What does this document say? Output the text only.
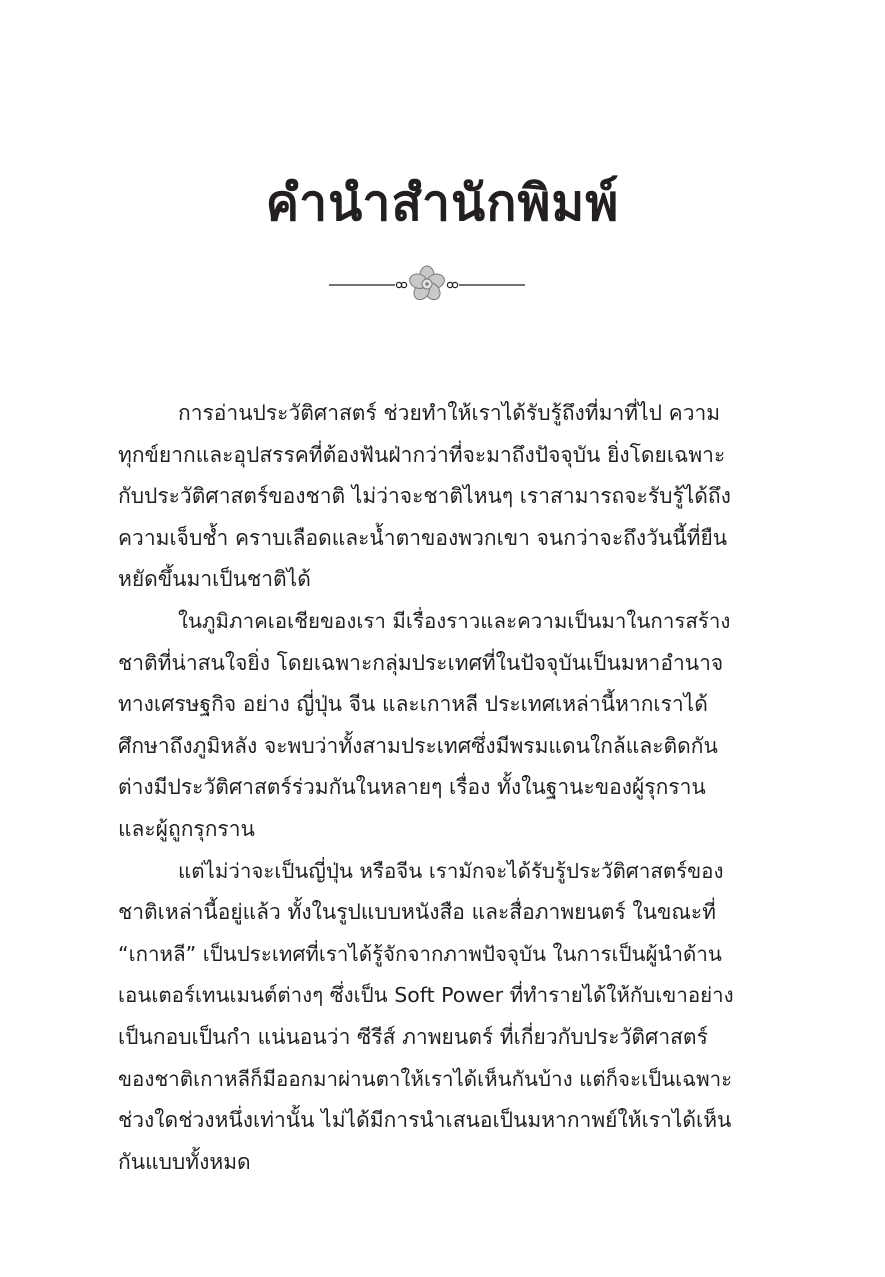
คำนำสำนักพิมพ์

การอ่านประวัติศาสตร์ ช่วยทำให้เราได้รับรู้ถึงที่มาที่ไป ความ
ทุกข์ยากและอุปสรรคที่ต้องฟันฝ่ากว่าที่จะมาถึงปัจจุบัน ยิ่งโดยเฉพาะ
กับประวัติศาสตร์ของชาติ ไม่ว่าจะชาติไหนๆ เราสามารถจะรับรู้ได้ถึง
ความเจ็บช้ำ คราบเลือดและน้ำตาของพวกเขา จนกว่าจะถึงวันนี้ที่ยืน
หยัดขึ้นมาเป็นชาติได้

ในภูมิภาคเอเชียของเรา มีเรื่องราวและความเป็นมาในการสร้าง
ชาติที่น่าสนใจยิ่ง โดยเฉพาะกลุ่มประเทศที่ในปัจจุบันเป็นมหาอำนาจ
ทางเศรษฐกิจ อย่าง ญี่ปุ่น จีน และเกาหลี ประเทศเหล่านี้หากเราได้
ศึกษาถึงภูมิหลัง จะพบว่าทั้งสามประเทศซึ่งมีพรมแดนใกล้และติดกัน
ต่างมีประวัติศาสตร์ร่วมกันในหลายๆ เรื่อง ทั้งในฐานะของผู้รุกราน
และผู้ถูกรุกราน

แต่ไม่ว่าจะเป็นญี่ปุ่น หรือจีน เรามักจะได้รับรู้ประวัติศาสตร์ของ
ชาติเหล่านี้อยู่แล้ว ทั้งในรูปแบบหนังสือ และสื่อภาพยนตร์ ในขณะที่
“เกาหลี” เป็นประเทศที่เราได้รู้จักจากภาพปัจจุบัน ในการเป็นผู้นำด้าน
เอนเตอร์เทนเมนต์ต่างๆ ซึ่งเป็น Soft Power ที่ทำรายได้ให้กับเขาอย่าง
เป็นกอบเป็นกำ แน่นอนว่า ซีรีส์ ภาพยนตร์ ที่เกี่ยวกับประวัติศาสตร์
ของชาติเกาหลีก็มีออกมาผ่านตาให้เราได้เห็นกันบ้าง แต่ก็จะเป็นเฉพาะ
ช่วงใดช่วงหนึ่งเท่านั้น ไม่ได้มีการนำเสนอเป็นมหากาพย์ให้เราได้เห็น
กันแบบทั้งหมด
